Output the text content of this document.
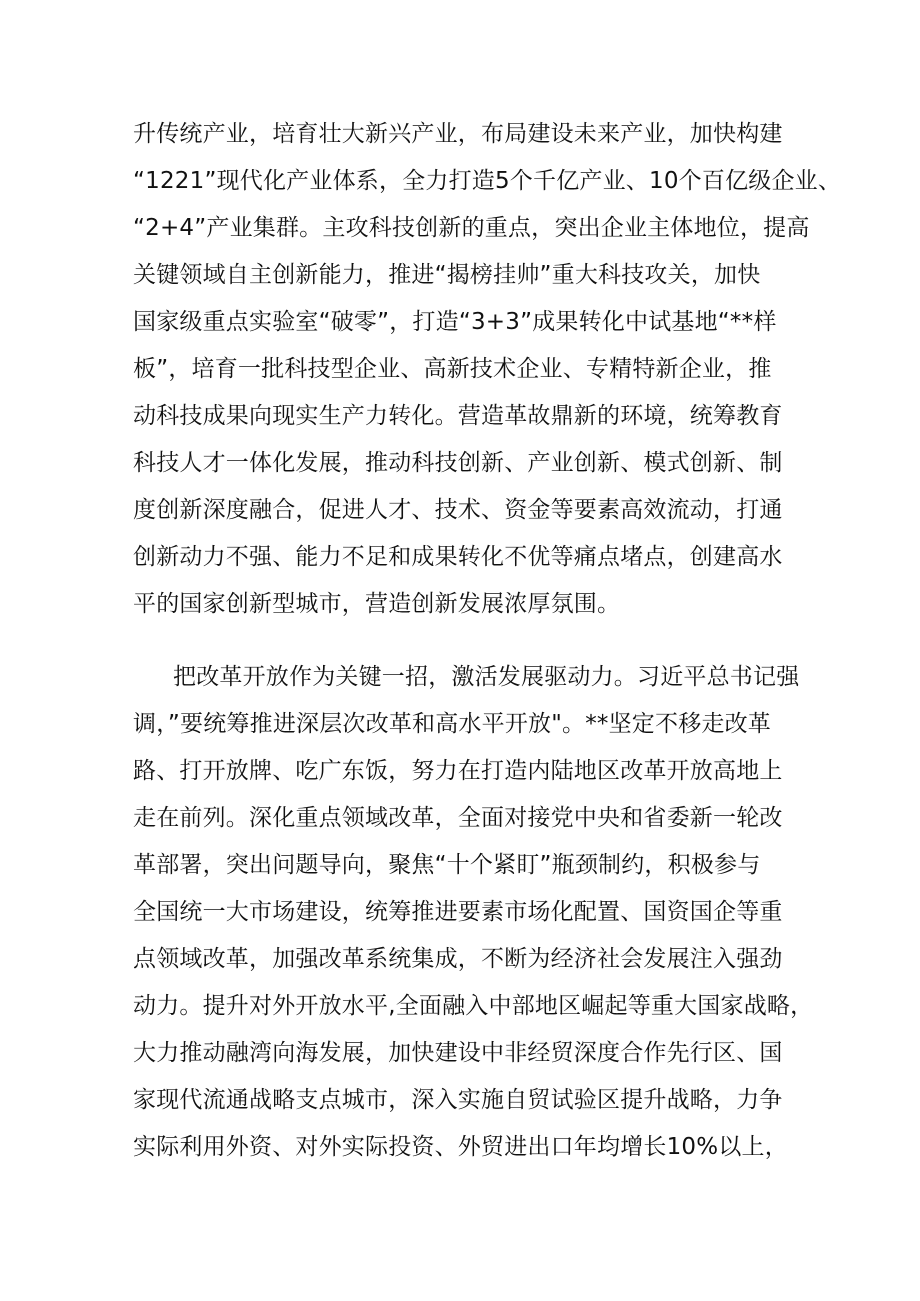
升传统产业，培育壮大新兴产业，布局建设未来产业，加快构建
“1221”现代化产业体系，全力打造5个千亿产业、10个百亿级企业、
“2+4”产业集群。主攻科技创新的重点，突出企业主体地位，提高
关键领域自主创新能力，推进“揭榜挂帅”重大科技攻关，加快
国家级重点实验室“破零”，打造“3+3”成果转化中试基地“**样
板”，培育一批科技型企业、高新技术企业、专精特新企业，推
动科技成果向现实生产力转化。营造革故鼎新的环境，统筹教育
科技人才一体化发展，推动科技创新、产业创新、模式创新、制
度创新深度融合，促进人才、技术、资金等要素高效流动，打通
创新动力不强、能力不足和成果转化不优等痛点堵点，创建高水
平的国家创新型城市，营造创新发展浓厚氛围。
把改革开放作为关键一招，激活发展驱动力。习近平总书记强
调，”要统筹推进深层次改革和高水平开放"。**坚定不移走改革
路、打开放牌、吃广东饭，努力在打造内陆地区改革开放高地上
走在前列。深化重点领域改革，全面对接党中央和省委新一轮改
革部署，突出问题导向，聚焦“十个紧盯”瓶颈制约，积极参与
全国统一大市场建设，统筹推进要素市场化配置、国资国企等重
点领域改革，加强改革系统集成，不断为经济社会发展注入强劲
动力。提升对外开放水平,全面融入中部地区崛起等重大国家战略，
大力推动融湾向海发展，加快建设中非经贸深度合作先行区、国
家现代流通战略支点城市，深入实施自贸试验区提升战略，力争
实际利用外资、对外实际投资、外贸进出口年均增长10%以上，
